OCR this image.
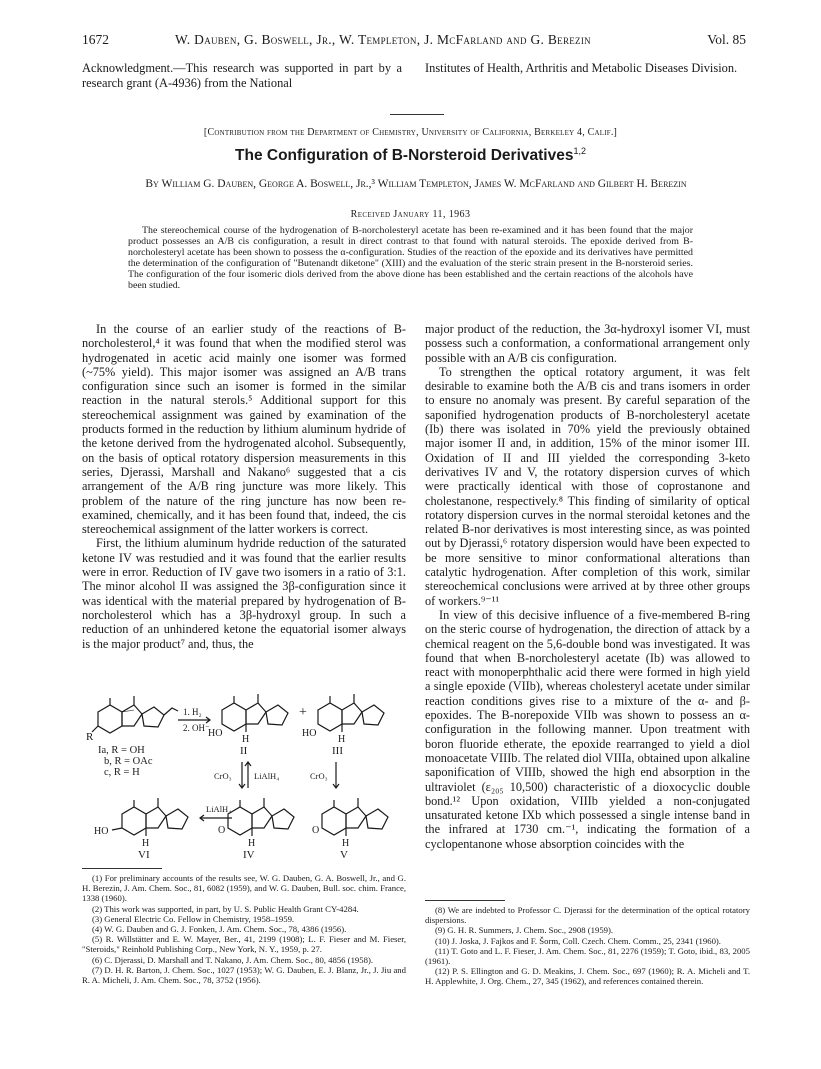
1672	W. Dauben, G. Boswell, Jr., W. Templeton, J. McFarland and G. Berezin	Vol. 85
Acknowledgment.—This research was supported in part by a research grant (A-4936) from the National
Institutes of Health, Arthritis and Metabolic Diseases Division.
[Contribution from the Department of Chemistry, University of California, Berkeley 4, Calif.]
The Configuration of B-Norsteroid Derivatives$^{1,2}$
By William G. Dauben, George A. Boswell, Jr.,³ William Templeton, James W. McFarland and Gilbert H. Berezin
Received January 11, 1963
The stereochemical course of the hydrogenation of B-norcholesteryl acetate has been re-examined and it has been found that the major product possesses an A/B cis configuration, a result in direct contrast to that found with natural steroids. The epoxide derived from B-norcholesteryl acetate has been shown to possess the α-configuration. Studies of the reaction of the epoxide and its derivatives have permitted the determination of the configuration of "Butenandt diketone" (XIII) and the evaluation of the steric strain present in the B-norsteroid series. The configuration of the four isomeric diols derived from the above dione has been established and the certain reactions of the alcohols have been studied.

In the course of an earlier study of the reactions of B-norcholesterol,⁴ it was found that when the modified sterol was hydrogenated in acetic acid mainly one isomer was formed (~75% yield). This major isomer was assigned an A/B trans configuration since such an isomer is formed in the similar reaction in the natural sterols.⁵ Additional support for this stereochemical assignment was gained by examination of the products formed in the reduction by lithium aluminum hydride of the ketone derived from the hydrogenated alcohol. Subsequently, on the basis of optical rotatory dispersion measurements in this series, Djerassi, Marshall and Nakano⁶ suggested that a cis arrangement of the A/B ring juncture was more likely. This problem of the nature of the ring juncture has now been re-examined, chemically, and it has been found that, indeed, the cis stereochemical assignment of the latter workers is correct.

First, the lithium aluminum hydride reduction of the saturated ketone IV was restudied and it was found that the earlier results were in error. Reduction of IV gave two isomers in a ratio of 3:1. The minor alcohol II was assigned the 3β-configuration since it was identical with the material prepared by hydrogenation of B-norcholesterol which has a 3β-hydroxyl group. In such a reduction of an unhindered ketone the equatorial isomer always is the major product⁷ and, thus, the

R
Ia, R = OH
b, R = OAc
c, R = H
1. H₂
2. OH⁻
HO
H
II
+
HO
H
III
CrO₃	LiAlH₄	CrO₃
HO
H
VI
LiAlH₄
O
H
IV
O
H
V

(1) For preliminary accounts of the results see, W. G. Dauben, G. A. Boswell, Jr., and G. H. Berezin, J. Am. Chem. Soc., 81, 6082 (1959), and W. G. Dauben, Bull. soc. chim. France, 1338 (1960).

(2) This work was supported, in part, by U. S. Public Health Grant CY-4284.

(3) General Electric Co. Fellow in Chemistry, 1958–1959.

(4) W. G. Dauben and G. J. Fonken, J. Am. Chem. Soc., 78, 4386 (1956).

(5) R. Willstätter and E. W. Mayer, Ber., 41, 2199 (1908); L. F. Fieser and M. Fieser, "Steroids," Reinhold Publishing Corp., New York, N. Y., 1959, p. 27.

(6) C. Djerassi, D. Marshall and T. Nakano, J. Am. Chem. Soc., 80, 4856 (1958).

(7) D. H. R. Barton, J. Chem. Soc., 1027 (1953); W. G. Dauben, E. J. Blanz, Jr., J. Jiu and R. A. Micheli, J. Am. Chem. Soc., 78, 3752 (1956).

major product of the reduction, the 3α-hydroxyl isomer VI, must possess such a conformation, a conformational arrangement only possible with an A/B cis configuration.

To strengthen the optical rotatory argument, it was felt desirable to examine both the A/B cis and trans isomers in order to ensure no anomaly was present. By careful separation of the saponified hydrogenation products of B-norcholesteryl acetate (Ib) there was isolated in 70% yield the previously obtained major isomer II and, in addition, 15% of the minor isomer III. Oxidation of II and III yielded the corresponding 3-keto derivatives IV and V, the rotatory dispersion curves of which were practically identical with those of coprostanone and cholestanone, respectively.⁸ This finding of similarity of optical rotatory dispersion curves in the normal steroidal ketones and the related B-nor derivatives is most interesting since, as was pointed out by Djerassi,⁶ rotatory dispersion would have been expected to be more sensitive to minor conformational alterations than catalytic hydrogenation. After completion of this work, similar stereochemical conclusions were arrived at by three other groups of workers.⁹⁻¹¹

In view of this decisive influence of a five-membered B-ring on the steric course of hydrogenation, the direction of attack by a chemical reagent on the 5,6-double bond was investigated. It was found that when B-norcholesteryl acetate (Ib) was allowed to react with monoperphthalic acid there were formed in high yield a single epoxide (VIIb), whereas cholesteryl acetate under similar reaction conditions gives rise to a mixture of the α- and β-epoxides. The B-norepoxide VIIb was shown to possess an α-configuration in the following manner. Upon treatment with boron fluoride etherate, the epoxide rearranged to yield a diol monoacetate VIIIb. The related diol VIIIa, obtained upon alkaline saponification of VIIIb, showed the high end absorption in the ultraviolet (ε₂₀₅ 10,500) characteristic of a dioxocyclic double bond.¹² Upon oxidation, VIIIb yielded a non-conjugated unsaturated ketone IXb which possessed a single intense band in the infrared at 1730 cm.⁻¹, indicating the formation of a cyclopentanone whose absorption coincides with the

(8) We are indebted to Professor C. Djerassi for the determination of the optical rotatory dispersions.

(9) G. H. R. Summers, J. Chem. Soc., 2908 (1959).

(10) J. Joska, J. Fajkos and F. Šorm, Coll. Czech. Chem. Comm., 25, 2341 (1960).

(11) T. Goto and L. F. Fieser, J. Am. Chem. Soc., 81, 2276 (1959); T. Goto, ibid., 83, 2005 (1961).

(12) P. S. Ellington and G. D. Meakins, J. Chem. Soc., 697 (1960); R. A. Micheli and T. H. Applewhite, J. Org. Chem., 27, 345 (1962), and references contained therein.
